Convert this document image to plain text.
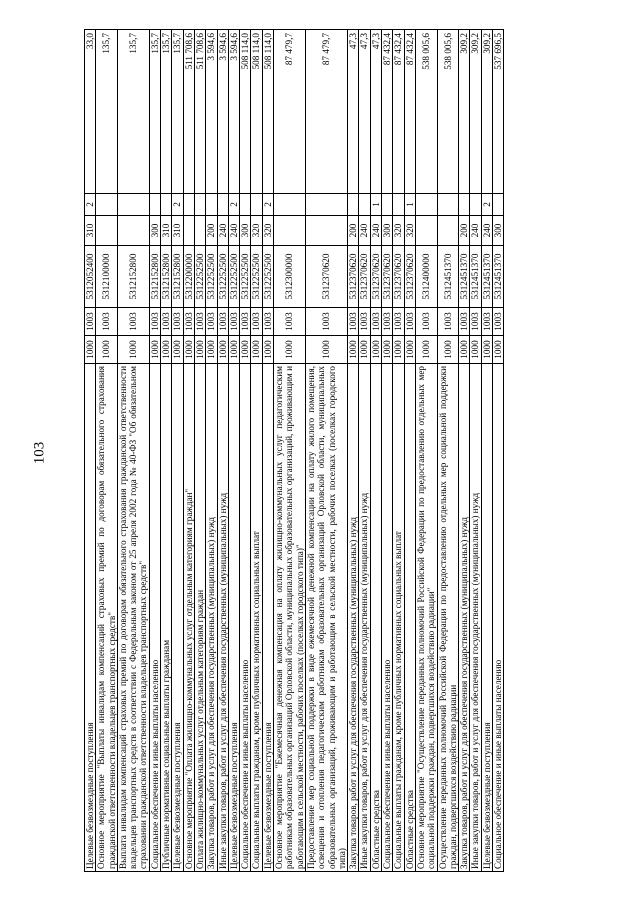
103
Целевые безвозмездные поступления	1000	1003	5312052400	310	2	33,0
Основное мероприятие "Выплаты инвалидам компенсаций страховых премий по договорам обязательного страхования гражданской ответственности владельцев транспортных средств"	1000	1003	5312100000			135,7
Выплата инвалидам компенсаций страховых премий по договорам обязательного страхования гражданской ответственности владельцев транспортных средств в соответствии с Федеральным законом от 25 апреля 2002 года № 40-ФЗ "Об обязательном страховании гражданской ответственности владельцев транспортных средств"	1000	1003	5312152800			135,7
Социальное обеспечение и иные выплаты населению	1000	1003	5312152800	300		135,7
Публичные нормативные социальные выплаты гражданам	1000	1003	5312152800	310		135,7
Целевые безвозмездные поступления	1000	1003	5312152800	310	2	135,7
Основное мероприятие "Оплата жилищно-коммунальных услуг отдельным категориям граждан"	1000	1003	5312200000			511 708,6
Оплата жилищно-коммунальных услуг отдельным категориям граждан	1000	1003	5312252500			511 708,6
Закупка товаров, работ и услуг для обеспечения государственных (муниципальных) нужд	1000	1003	5312252500	200		3 594,6
Иные закупки товаров, работ и услуг для обеспечения государственных (муниципальных) нужд	1000	1003	5312252500	240		3 594,6
Целевые безвозмездные поступления	1000	1003	5312252500	240	2	3 594,6
Социальное обеспечение и иные выплаты населению	1000	1003	5312252500	300		508 114,0
Социальные выплаты гражданам, кроме публичных нормативных социальных выплат	1000	1003	5312252500	320		508 114,0
Целевые безвозмездные поступления	1000	1003	5312252500	320	2	508 114,0
Основное мероприятие "Ежемесячная денежная компенсация на оплату жилищно-коммунальных услуг педагогическим работникам образовательных организаций Орловской области, муниципальных образовательных организаций, проживающим и работающим в сельской местности, рабочих поселках (поселках городского типа)"	1000	1003	5312300000			87 479,7
Предоставление мер социальной поддержки в виде ежемесячной денежной компенсации на оплату жилого помещения, освещения и отопления педагогическим работникам образовательных организаций Орловской области, муниципальных образовательных организаций, проживающим и работающим в сельской местности, рабочих поселках (поселках городского типа)	1000	1003	5312370620			87 479,7
Закупка товаров, работ и услуг для обеспечения государственных (муниципальных) нужд	1000	1003	5312370620	200		47,3
Иные закупки товаров, работ и услуг для обеспечения государственных (муниципальных) нужд	1000	1003	5312370620	240		47,3
Областные средства	1000	1003	5312370620	240	1	47,3
Социальное обеспечение и иные выплаты населению	1000	1003	5312370620	300		87 432,4
Социальные выплаты гражданам, кроме публичных нормативных социальных выплат	1000	1003	5312370620	320		87 432,4
Областные средства	1000	1003	5312370620	320	1	87 432,4
Основное мероприятие "Осуществление переданных полномочий Российской Федерации по предоставлению отдельных мер социальной поддержки граждан, подвергшихся воздействию радиации"	1000	1003	5312400000			538 005,6
Осуществление переданных полномочий Российской Федерации по предоставлению отдельных мер социальной поддержки граждан, подвергшихся воздействию радиации	1000	1003	5312451370			538 005,6
Закупка товаров, работ и услуг для обеспечения государственных (муниципальных) нужд	1000	1003	5312451370	200		309,2
Иные закупки товаров, работ и услуг для обеспечения государственных (муниципальных) нужд	1000	1003	5312451370	240		309,2
Целевые безвозмездные поступления	1000	1003	5312451370	240	2	309,2
Социальное обеспечение и иные выплаты населению	1000	1003	5312451370	300		537 696,5
